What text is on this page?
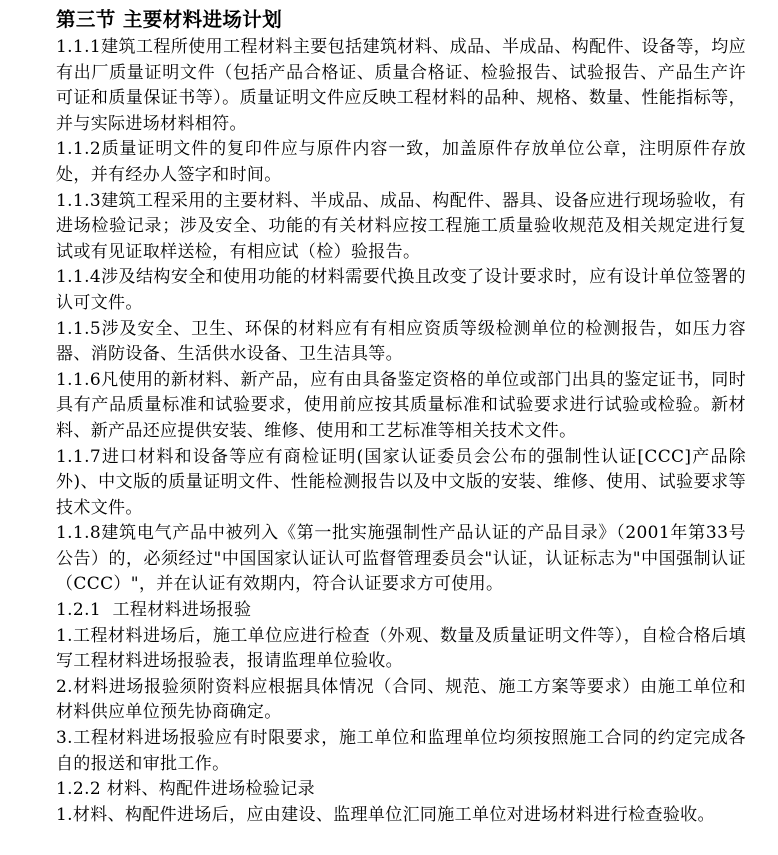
第三节 主要材料进场计划

1.1.1建筑工程所使用工程材料主要包括建筑材料、成品、半成品、构配件、设备等，均应有出厂质量证明文件（包括产品合格证、质量合格证、检验报告、试验报告、产品生产许可证和质量保证书等）。质量证明文件应反映工程材料的品种、规格、数量、性能指标等，并与实际进场材料相符。

1.1.2质量证明文件的复印件应与原件内容一致，加盖原件存放单位公章，注明原件存放处，并有经办人签字和时间。

1.1.3建筑工程采用的主要材料、半成品、成品、构配件、器具、设备应进行现场验收，有进场检验记录；涉及安全、功能的有关材料应按工程施工质量验收规范及相关规定进行复试或有见证取样送检，有相应试（检）验报告。

1.1.4涉及结构安全和使用功能的材料需要代换且改变了设计要求时，应有设计单位签署的认可文件。

1.1.5涉及安全、卫生、环保的材料应有有相应资质等级检测单位的检测报告，如压力容器、消防设备、生活供水设备、卫生洁具等。

1.1.6凡使用的新材料、新产品，应有由具备鉴定资格的单位或部门出具的鉴定证书，同时具有产品质量标准和试验要求，使用前应按其质量标准和试验要求进行试验或检验。新材料、新产品还应提供安装、维修、使用和工艺标准等相关技术文件。

1.1.7进口材料和设备等应有商检证明(国家认证委员会公布的强制性认证[CCC]产品除外)、中文版的质量证明文件、性能检测报告以及中文版的安装、维修、使用、试验要求等技术文件。

1.1.8建筑电气产品中被列入《第一批实施强制性产品认证的产品目录》（2001年第33号公告）的，必须经过"中国国家认证认可监督管理委员会"认证，认证标志为"中国强制认证（CCC）"，并在认证有效期内，符合认证要求方可使用。

1.2.1  工程材料进场报验

1.工程材料进场后，施工单位应进行检查（外观、数量及质量证明文件等），自检合格后填写工程材料进场报验表，报请监理单位验收。

2.材料进场报验须附资料应根据具体情况（合同、规范、施工方案等要求）由施工单位和材料供应单位预先协商确定。

3.工程材料进场报验应有时限要求，施工单位和监理单位均须按照施工合同的约定完成各自的报送和审批工作。

1.2.2 材料、构配件进场检验记录

1.材料、构配件进场后，应由建设、监理单位汇同施工单位对进场材料进行检查验收。
